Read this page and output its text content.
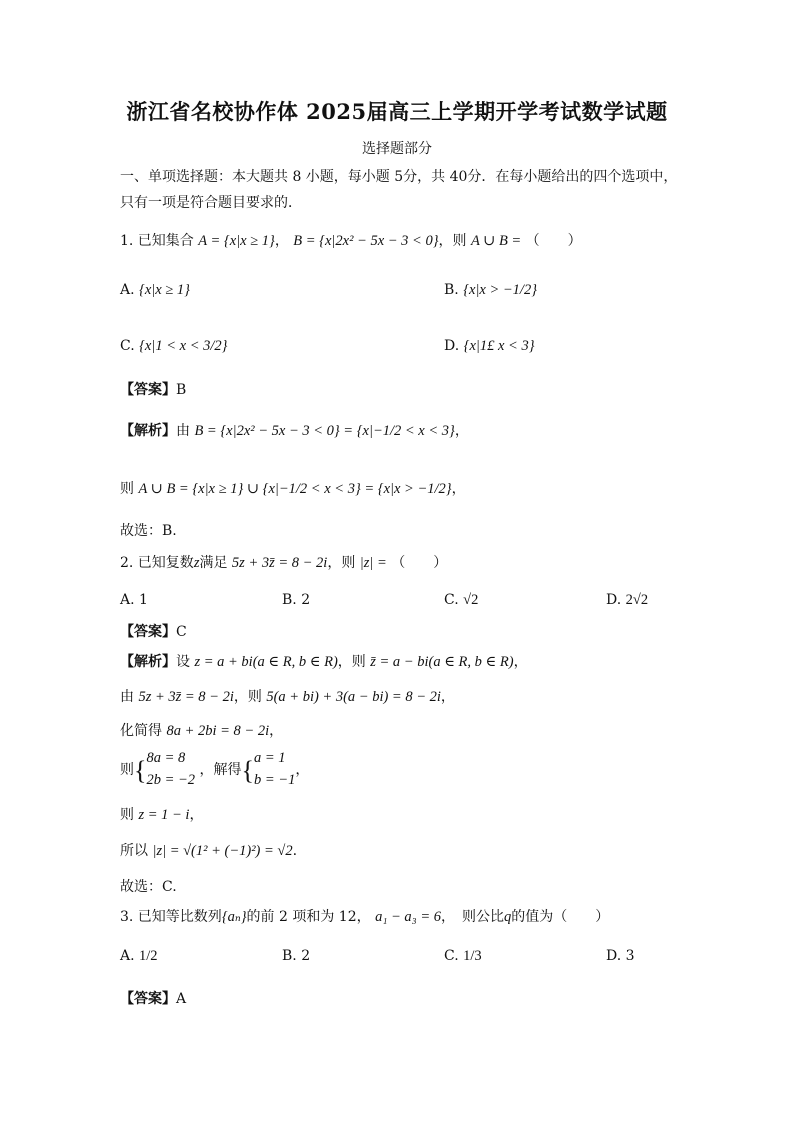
浙江省名校协作体 2025届高三上学期开学考试数学试题
选择题部分
一、单项选择题：本大题共 8 小题，每小题 5分，共 40分．在每小题给出的四个选项中，
只有一项是符合题目要求的．
1. 已知集合 A = {x|x ≥ 1}， B = {x|2x² − 5x − 3 < 0}，则 A ∪ B = （　　）
A. {x|x ≥ 1}	B. {x|x > −1/2}
C. {x|1 < x < 3/2}	D. {x|1£ x < 3}
【答案】B
【解析】由 B = {x|2x² − 5x − 3 < 0} = {x|−1/2 < x < 3}，
则 A ∪ B = {x|x ≥ 1} ∪ {x|−1/2 < x < 3} = {x|x > −1/2}，
故选：B.
2. 已知复数z满足 5z + 3z̄ = 8 − 2i，则 |z| = （　　）
A. 1	B. 2	C. √2	D. 2√2
【答案】C
【解析】设 z = a + bi(a ∈ R, b ∈ R)，则 z̄ = a − bi(a ∈ R, b ∈ R)，
由 5z + 3z̄ = 8 − 2i，则 5(a + bi) + 3(a − bi) = 8 − 2i，
化简得 8a + 2bi = 8 − 2i，
则{8a = 8
2b = −2 ，解得{a = 1
b = −1，
则 z = 1 − i，
所以 |z| = √(1² + (−1)²) = √2.
故选：C.
3. 已知等比数列{aₙ}的前 2 项和为 12， a₁ − a₃ = 6，　则公比q的值为（　　）
A. 1/2	B. 2	C. 1/3	D. 3
【答案】A
